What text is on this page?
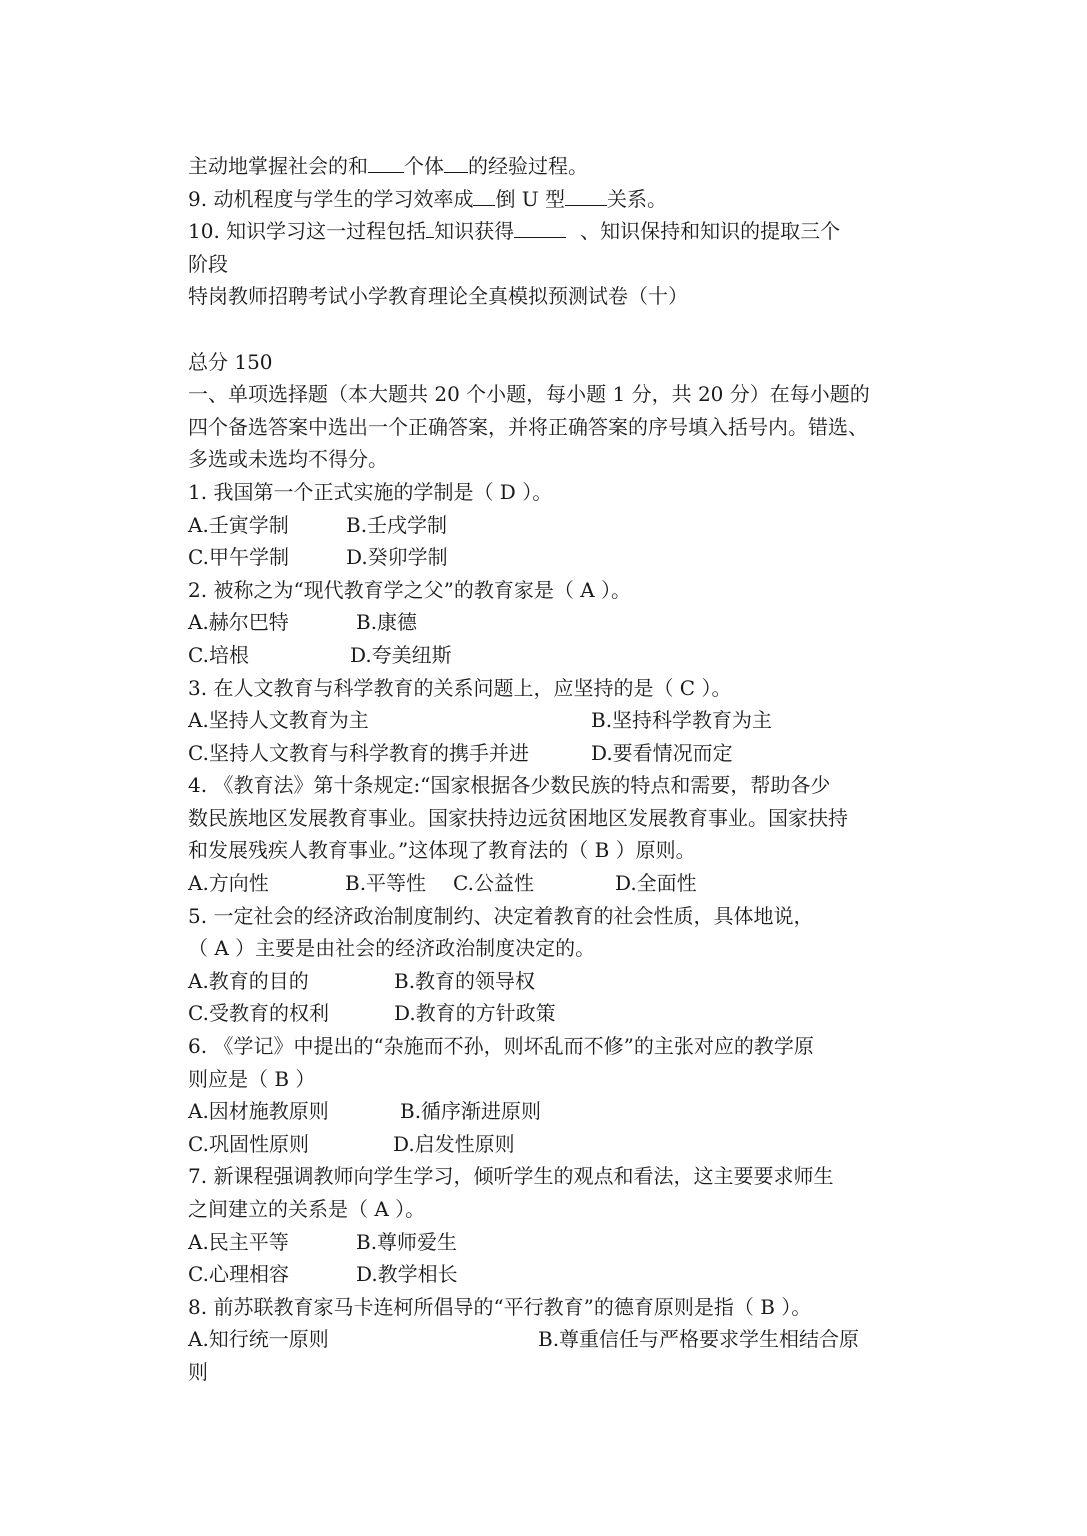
主动地掌握社会的和 个体 的经验过程。
9. 动机程度与学生的学习效率成 倒 U 型 关系。
10. 知识学习这一过程包括 知识获得	、知识保持和知识的提取三个
阶段
特岗教师招聘考试小学教育理论全真模拟预测试卷（十）
总分 150
一、单项选择题（本大题共 20 个小题，每小题 1 分，共 20 分）在每小题的
四个备选答案中选出一个正确答案，并将正确答案的序号填入括号内。错选、
多选或未选均不得分。
1. 我国第一个正式实施的学制是（ D ）。
A.壬寅学制	B.壬戌学制
C.甲午学制	D.癸卯学制
2. 被称之为“现代教育学之父”的教育家是（ A ）。
A.赫尔巴特	B.康德
C.培根	D.夸美纽斯
3. 在人文教育与科学教育的关系问题上，应坚持的是（ C ）。
A.坚持人文教育为主	B.坚持科学教育为主
C.坚持人文教育与科学教育的携手并进	D.要看情况而定
4. 《教育法》第十条规定:“国家根据各少数民族的特点和需要，帮助各少
数民族地区发展教育事业。国家扶持边远贫困地区发展教育事业。国家扶持
和发展残疾人教育事业。”这体现了教育法的（ B ）原则。
A.方向性	B.平等性 C.公益性	D.全面性
5. 一定社会的经济政治制度制约、决定着教育的社会性质，具体地说，
（ A ）主要是由社会的经济政治制度决定的。
A.教育的目的	B.教育的领导权
C.受教育的权利	D.教育的方针政策
6. 《学记》中提出的“杂施而不孙，则坏乱而不修”的主张对应的教学原
则应是（ B ）
A.因材施教原则	B.循序渐进原则
C.巩固性原则	D.启发性原则
7. 新课程强调教师向学生学习，倾听学生的观点和看法，这主要要求师生
之间建立的关系是（ A ）。
A.民主平等	B.尊师爱生
C.心理相容	D.教学相长
8. 前苏联教育家马卡连柯所倡导的“平行教育”的德育原则是指（ B ）。
A.知行统一原则	B.尊重信任与严格要求学生相结合原
则
